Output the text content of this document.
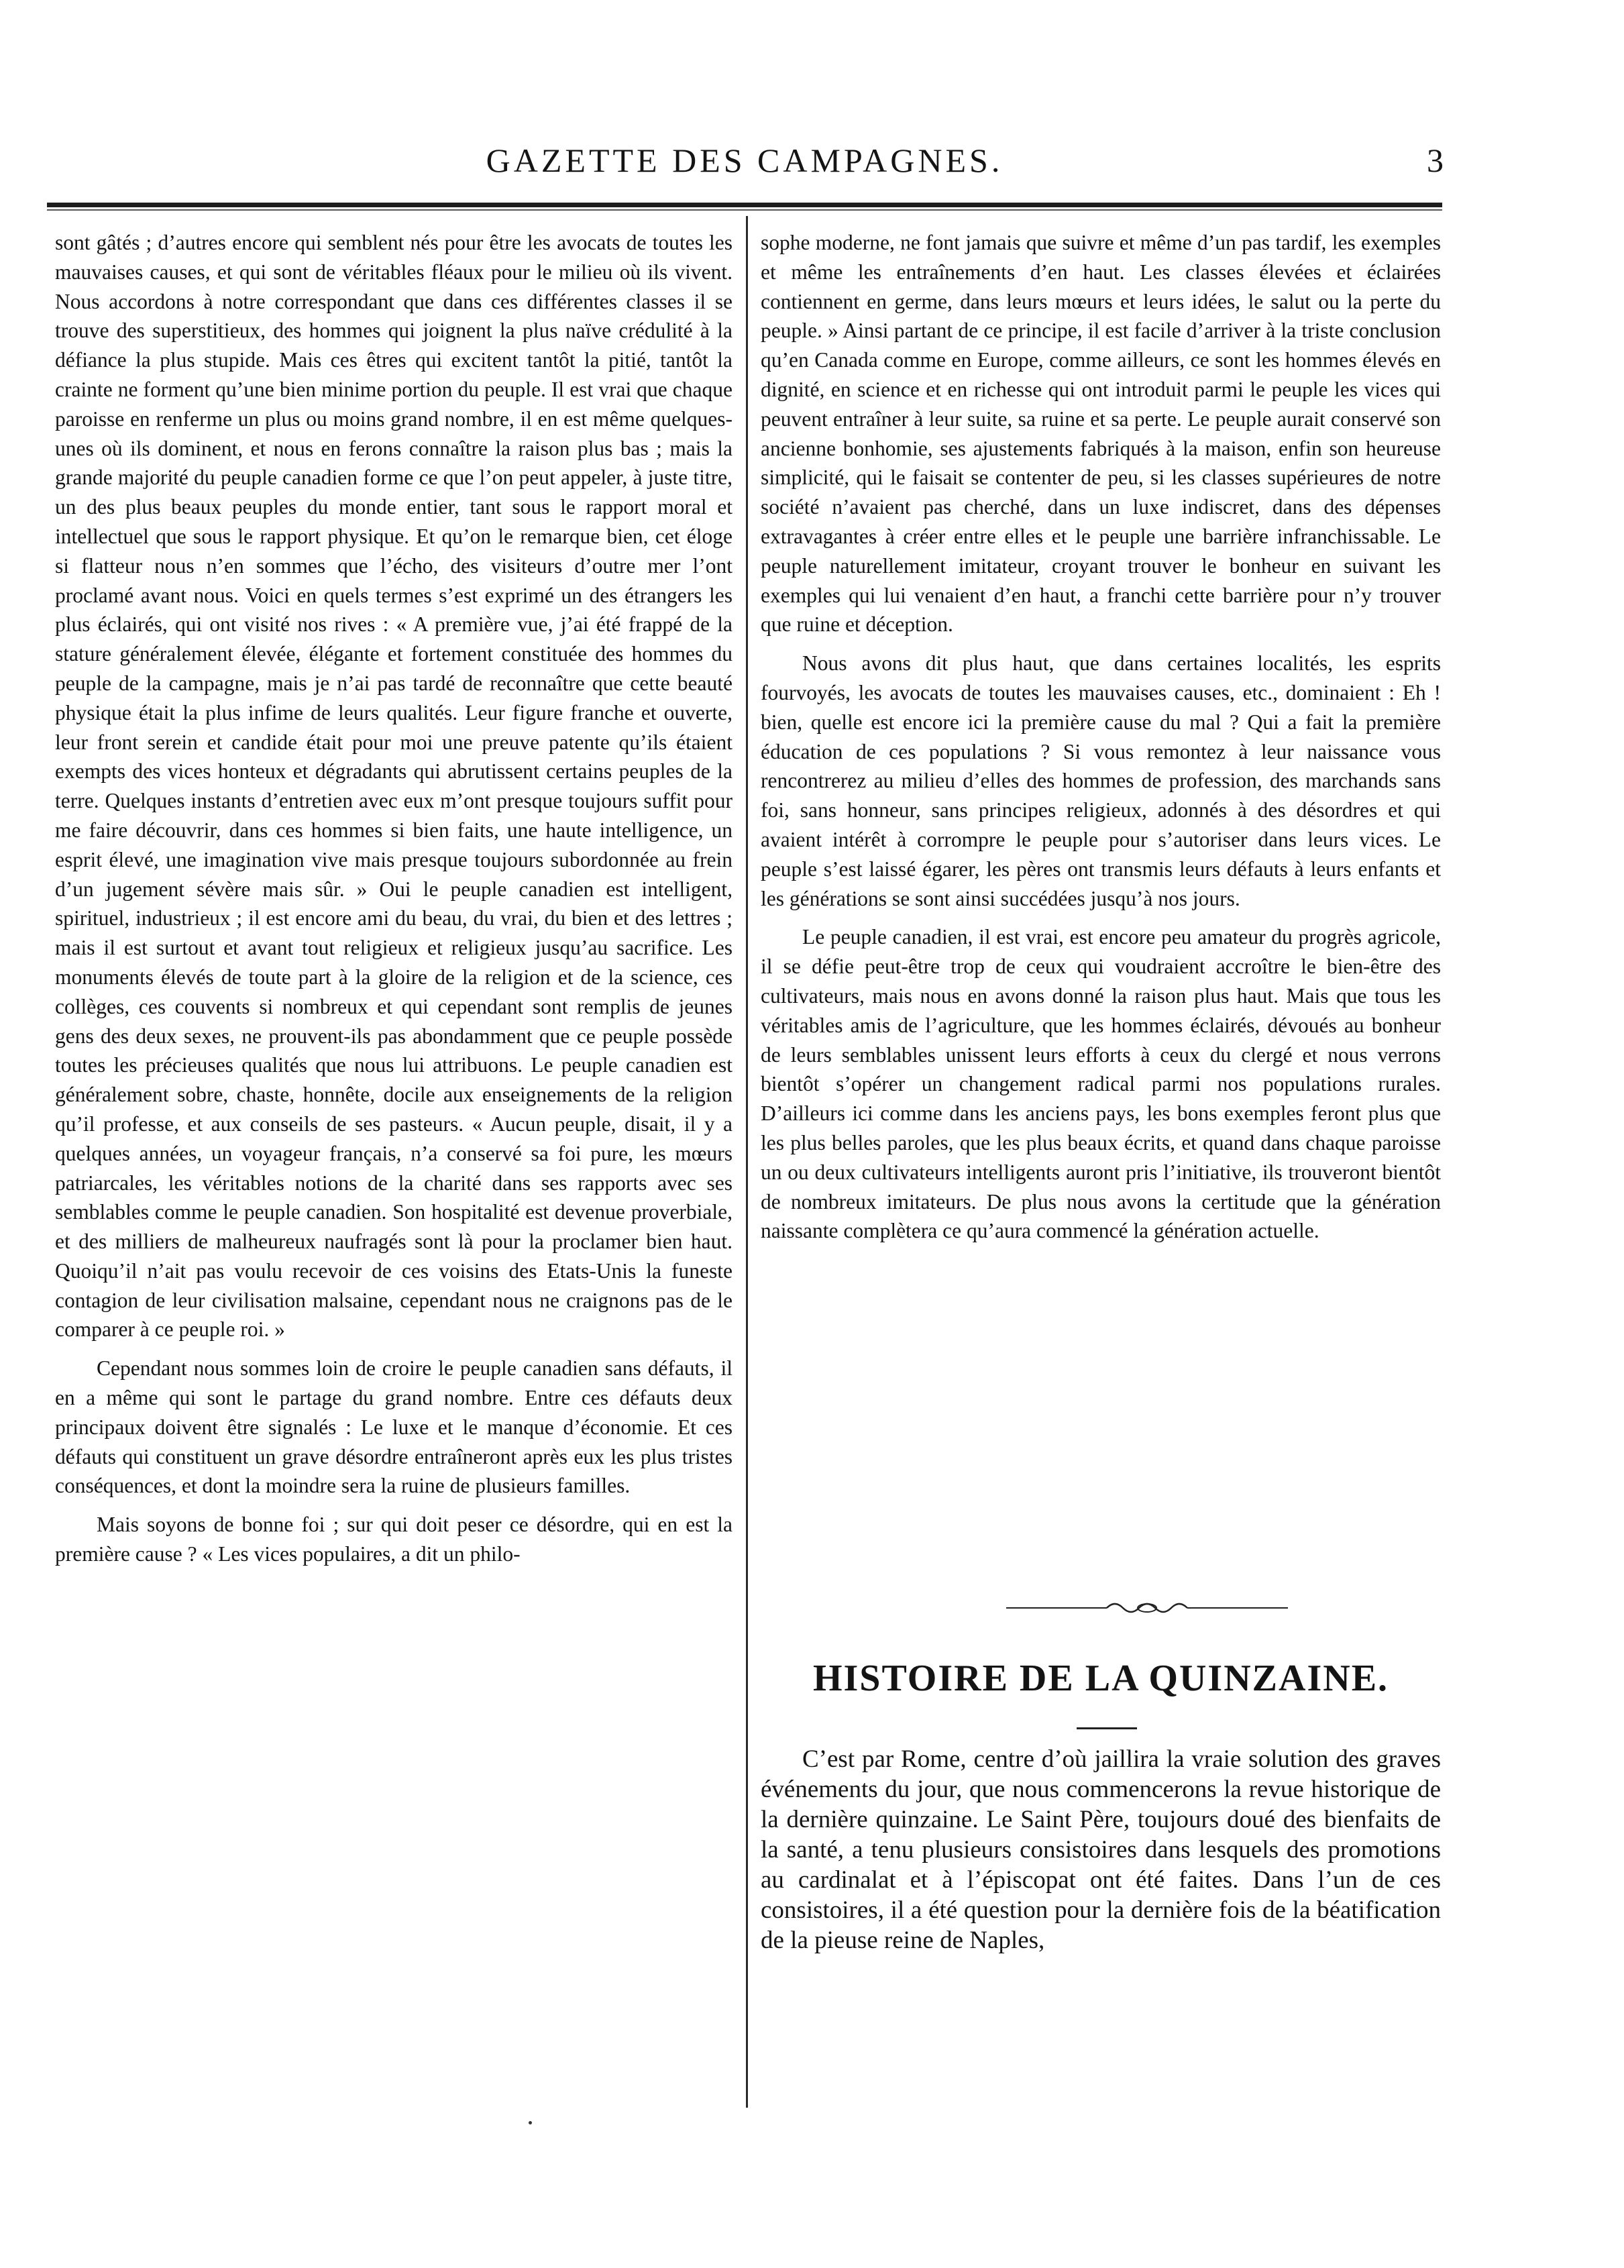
GAZETTE DES CAMPAGNES.	3

sont gâtés ; d’autres encore qui semblent nés pour être les avocats de toutes les mauvaises causes, et qui sont de véritables fléaux pour le milieu où ils vivent. Nous accordons à notre correspondant que dans ces différentes classes il se trouve des superstitieux, des hommes qui joignent la plus naïve crédulité à la défiance la plus stupide. Mais ces êtres qui excitent tantôt la pitié, tantôt la crainte ne forment qu’une bien minime portion du peuple. Il est vrai que chaque paroisse en renferme un plus ou moins grand nombre, il en est même quelques-unes où ils dominent, et nous en ferons connaître la raison plus bas ; mais la grande majorité du peuple canadien forme ce que l’on peut appeler, à juste titre, un des plus beaux peuples du monde entier, tant sous le rapport moral et intellectuel que sous le rapport physique. Et qu’on le remarque bien, cet éloge si flatteur nous n’en sommes que l’écho, des visiteurs d’outre mer l’ont proclamé avant nous. Voici en quels termes s’est exprimé un des étrangers les plus éclairés, qui ont visité nos rives : « A première vue, j’ai été frappé de la stature généralement élevée, élégante et fortement constituée des hommes du peuple de la campagne, mais je n’ai pas tardé de reconnaître que cette beauté physique était la plus infime de leurs qualités. Leur figure franche et ouverte, leur front serein et candide était pour moi une preuve patente qu’ils étaient exempts des vices honteux et dégradants qui abrutissent certains peuples de la terre. Quelques instants d’entretien avec eux m’ont presque toujours suffit pour me faire découvrir, dans ces hommes si bien faits, une haute intelligence, un esprit élevé, une imagination vive mais presque toujours subordonnée au frein d’un jugement sévère mais sûr. » Oui le peuple canadien est intelligent, spirituel, industrieux ; il est encore ami du beau, du vrai, du bien et des lettres ; mais il est surtout et avant tout religieux et religieux jusqu’au sacrifice. Les monuments élevés de toute part à la gloire de la religion et de la science, ces collèges, ces couvents si nombreux et qui cependant sont remplis de jeunes gens des deux sexes, ne prouvent-ils pas abondamment que ce peuple possède toutes les précieuses qualités que nous lui attribuons. Le peuple canadien est généralement sobre, chaste, honnête, docile aux enseignements de la religion qu’il professe, et aux conseils de ses pasteurs. « Aucun peuple, disait, il y a quelques années, un voyageur français, n’a conservé sa foi pure, les mœurs patriarcales, les véritables notions de la charité dans ses rapports avec ses semblables comme le peuple canadien. Son hospitalité est devenue proverbiale, et des milliers de malheureux naufragés sont là pour la proclamer bien haut. Quoiqu’il n’ait pas voulu recevoir de ces voisins des Etats-Unis la funeste contagion de leur civilisation malsaine, cependant nous ne craignons pas de le comparer à ce peuple roi. »

Cependant nous sommes loin de croire le peuple canadien sans défauts, il en a même qui sont le partage du grand nombre. Entre ces défauts deux principaux doivent être signalés : Le luxe et le manque d’économie. Et ces défauts qui constituent un grave désordre entraîneront après eux les plus tristes conséquences, et dont la moindre sera la ruine de plusieurs familles.

Mais soyons de bonne foi ; sur qui doit peser ce désordre, qui en est la première cause ? « Les vices populaires, a dit un philo-

sophe moderne, ne font jamais que suivre et même d’un pas tardif, les exemples et même les entraînements d’en haut. Les classes élevées et éclairées contiennent en germe, dans leurs mœurs et leurs idées, le salut ou la perte du peuple. » Ainsi partant de ce principe, il est facile d’arriver à la triste conclusion qu’en Canada comme en Europe, comme ailleurs, ce sont les hommes élevés en dignité, en science et en richesse qui ont introduit parmi le peuple les vices qui peuvent entraîner à leur suite, sa ruine et sa perte. Le peuple aurait conservé son ancienne bonhomie, ses ajustements fabriqués à la maison, enfin son heureuse simplicité, qui le faisait se contenter de peu, si les classes supérieures de notre société n’avaient pas cherché, dans un luxe indiscret, dans des dépenses extravagantes à créer entre elles et le peuple une barrière infranchissable. Le peuple naturellement imitateur, croyant trouver le bonheur en suivant les exemples qui lui venaient d’en haut, a franchi cette barrière pour n’y trouver que ruine et déception.

Nous avons dit plus haut, que dans certaines localités, les esprits fourvoyés, les avocats de toutes les mauvaises causes, etc., dominaient : Eh ! bien, quelle est encore ici la première cause du mal ? Qui a fait la première éducation de ces populations ? Si vous remontez à leur naissance vous rencontrerez au milieu d’elles des hommes de profession, des marchands sans foi, sans honneur, sans principes religieux, adonnés à des désordres et qui avaient intérêt à corrompre le peuple pour s’autoriser dans leurs vices. Le peuple s’est laissé égarer, les pères ont transmis leurs défauts à leurs enfants et les générations se sont ainsi succédées jusqu’à nos jours.

Le peuple canadien, il est vrai, est encore peu amateur du progrès agricole, il se défie peut-être trop de ceux qui voudraient accroître le bien-être des cultivateurs, mais nous en avons donné la raison plus haut. Mais que tous les véritables amis de l’agriculture, que les hommes éclairés, dévoués au bonheur de leurs semblables unissent leurs efforts à ceux du clergé et nous verrons bientôt s’opérer un changement radical parmi nos populations rurales. D’ailleurs ici comme dans les anciens pays, les bons exemples feront plus que les plus belles paroles, que les plus beaux écrits, et quand dans chaque paroisse un ou deux cultivateurs intelligents auront pris l’initiative, ils trouveront bientôt de nombreux imitateurs. De plus nous avons la certitude que la génération naissante complètera ce qu’aura commencé la génération actuelle.

HISTOIRE DE LA QUINZAINE.

C’est par Rome, centre d’où jaillira la vraie solution des graves événements du jour, que nous commencerons la revue historique de la dernière quinzaine. Le Saint Père, toujours doué des bienfaits de la santé, a tenu plusieurs consistoires dans lesquels des promotions au cardinalat et à l’épiscopat ont été faites. Dans l’un de ces consistoires, il a été question pour la dernière fois de la béatification de la pieuse reine de Naples,
